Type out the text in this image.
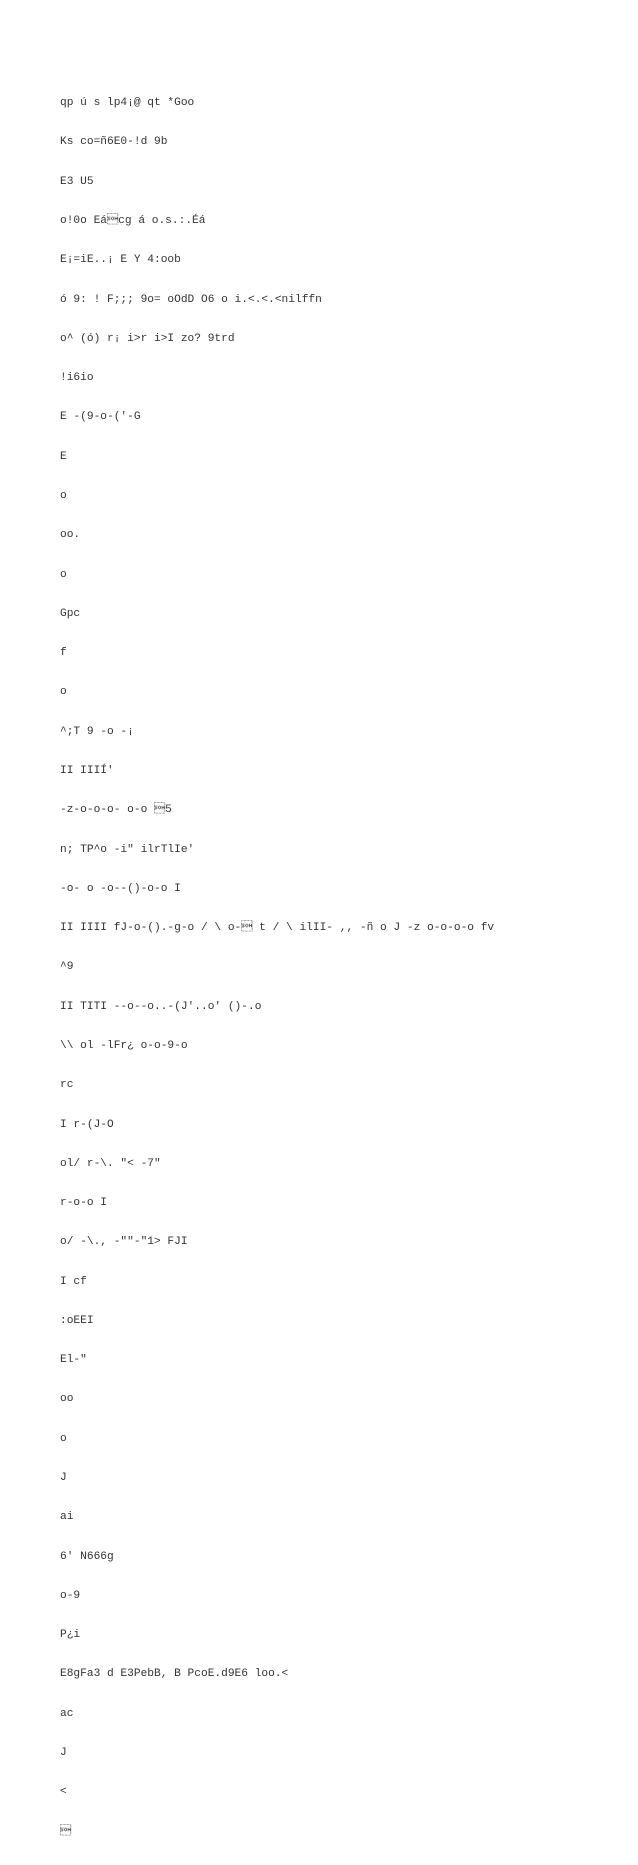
qp ú s lp4¡@ qt *Goo

Ks co=ñ6E0-!d 9b

E3 U5

o!0o Eácg á o.s.:.Éá

E¡=iE..¡ E Y 4:oob

ó 9: ! F;;; 9o= oOdD O6 o i.<.<.<nilffn

o^ (ó) r¡ i>r i>I zo? 9trd

!i6io

E -(9-o-('-G

E

o

oo.

o

Gpc

f

o

^;T 9 -o -¡

II IIIÍ'

-z-o-o-o- o-o 5

n; TP^o -i" ilrTlIe'

-o- o -o--()-o-o I

II IIII fJ-o-().-g-o / \ o- t / \ ilII- ,, -ñ o J -z o-o-o-o fv

^9

II TITI --o--o..-(J'..o' ()-.o

\\ ol -lFr¿ o-o-9-o

rc

I r-(J-O

ol/ r-\. "< -7"

r-o-o I

o/ -\., -""-"1> FJI

I cf

:oEEI

El-"

oo

o

J

ai

6' N666g

o-9

P¿i

E8gFa3 d E3PebB, B PcoE.d9E6 loo.<

ac

J

<


